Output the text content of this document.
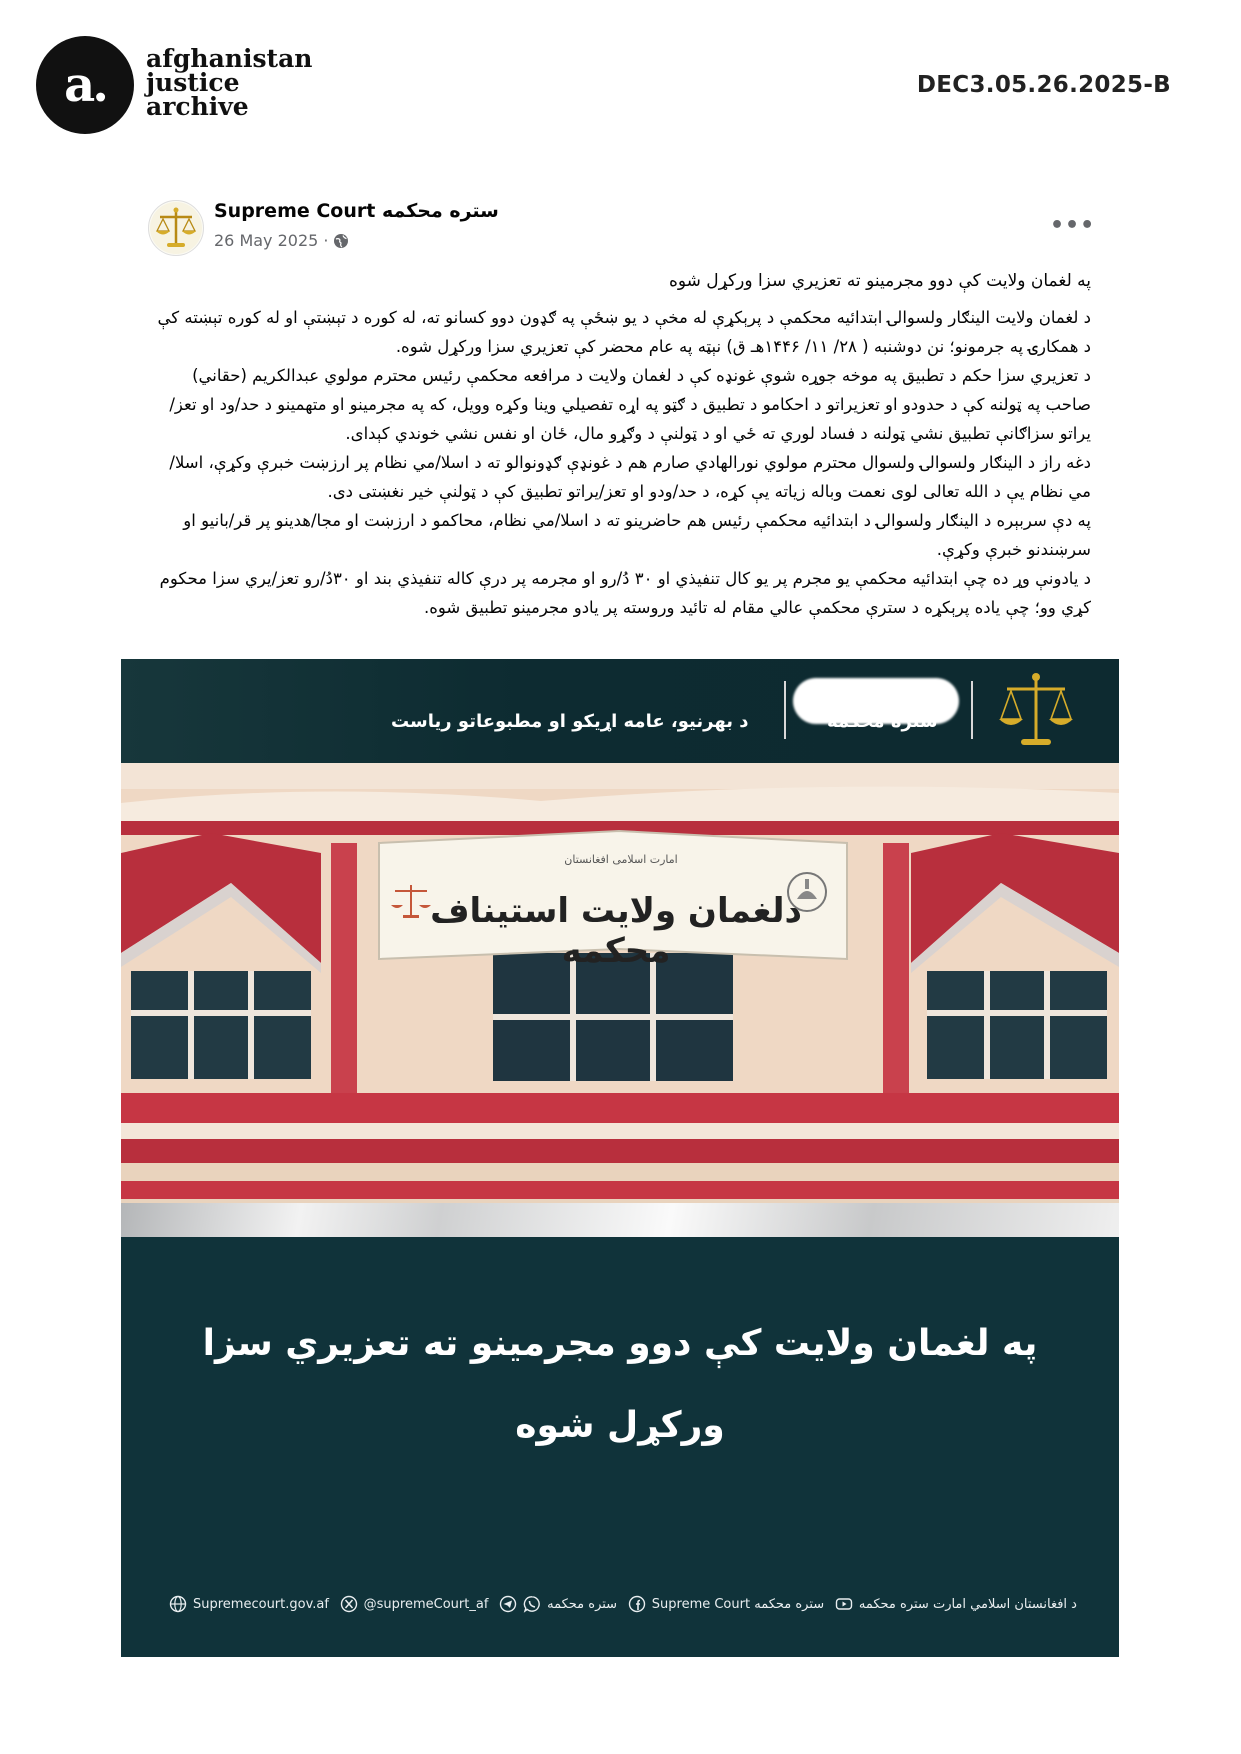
a.	afghanistan
justice
archive
DEC3.05.26.2025-B
Supreme Court ستره محکمه
26 May 2025 ·
•••
په لغمان ولایت کې دوو مجرمینو ته تعزیري سزا ورکړل شوه

د لغمان ولایت الینګار ولسوالۍ ابتدائیه محکمې د پرېکړې له مخې د یو ښځې په ګډون دوو کسانو ته، له کوره د تېښتې او له کوره تېښته کې د همکارۍ په جرمونو؛ نن دوشنبه ( ۲۸/ ۱۱/ ۱۴۴۶هـ ق) نېټه په عام محضر کې تعزیري سزا ورکړل شوه.

د تعزیري سزا حکم د تطبیق په موخه جوړه شوې غونډه کې د لغمان ولایت د مرافعه محکمې رئیس محترم مولوي عبدالکریم (حقاني) صاحب په ټولنه کې د حدودو او تعزیراتو د احکامو د تطبیق د ګټو په اړه تفصیلي وینا وکړه وویل، که په مجرمینو او متهمینو د حد/ود او تعز/یراتو سزاګانې تطبیق نشي ټولنه د فساد لوري ته ځي او د ټولنې د وګړو مال، ځان او نفس نشي خوندي کېدای.

دغه راز د الینګار ولسوالۍ ولسوال محترم مولوي نورالهادي صارم هم د غونډې ګډونوالو ته د اسلا/مي نظام پر ارزښت خبرې وکړې، اسلا/مي نظام یې د الله تعالی لوی نعمت وباله زیاته یې کړه، د حد/ودو او تعز/یراتو تطبیق کې د ټولنې خیر نغښتی دی.

په دې سربېره د الینګار ولسوالۍ د ابتدائیه محکمې رئیس هم حاضرینو ته د اسلا/مي نظام، محاکمو د ارزښت او مجا/هدینو پر قر/بانیو او سرښندنو خبرې وکړې.

د یادونې وړ ده چې ابتدائیه محکمې یو مجرم پر یو کال تنفیذي او ۳۰ دُ/رو او مجرمه پر درې کاله تنفیذي بند او ۳۰دُ/رو تعز/یري سزا محکوم کړي وو؛ چې یاده پرېکړه د سترې محکمې عالي مقام له تائید وروسته پر یادو مجرمینو تطبیق شوه.

ستره محکمه
د بهرنیو، عامه اړیکو او مطبوعاتو ریاست
دلغمان ولایت استیناف محکمه
امارت اسلامی افغانستان
په لغمان ولایت کې دوو مجرمینو ته تعزیري سزا
ورکړل شوه
Supremecourt.gov.af	@supremeCourt_af	ستره محکمه	Supreme Court ستره محکمه	د افغانستان اسلامي امارت ستره محکمه
